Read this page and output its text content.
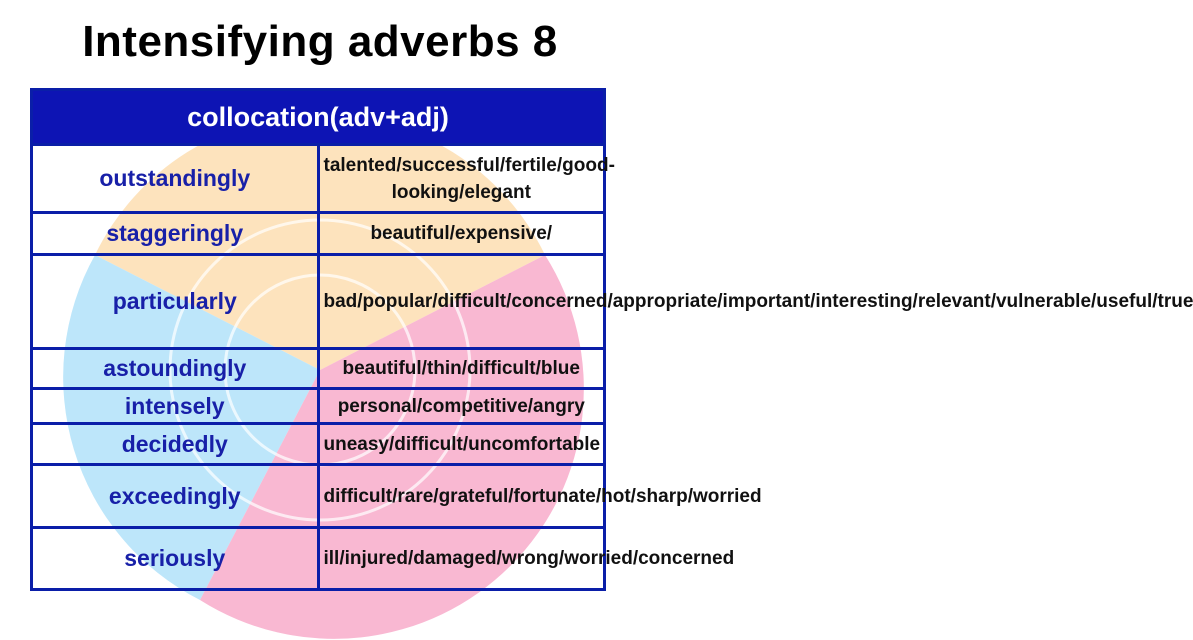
Intensifying adverbs 8
collocation(adv+adj)	
outstandingly	talented/successful/fertile/good-looking/elegant
staggeringly	beautiful/expensive/
particularly	bad/popular/difficult/concerned/appropriate/important/interesting/relevant/vulnerable/useful/true
astoundingly	beautiful/thin/difficult/blue
intensely	personal/competitive/angry
decidedly	uneasy/difficult/uncomfortable
exceedingly	difficult/rare/grateful/fortunate/hot/sharp/worried
seriously	ill/injured/damaged/wrong/worried/concerned
